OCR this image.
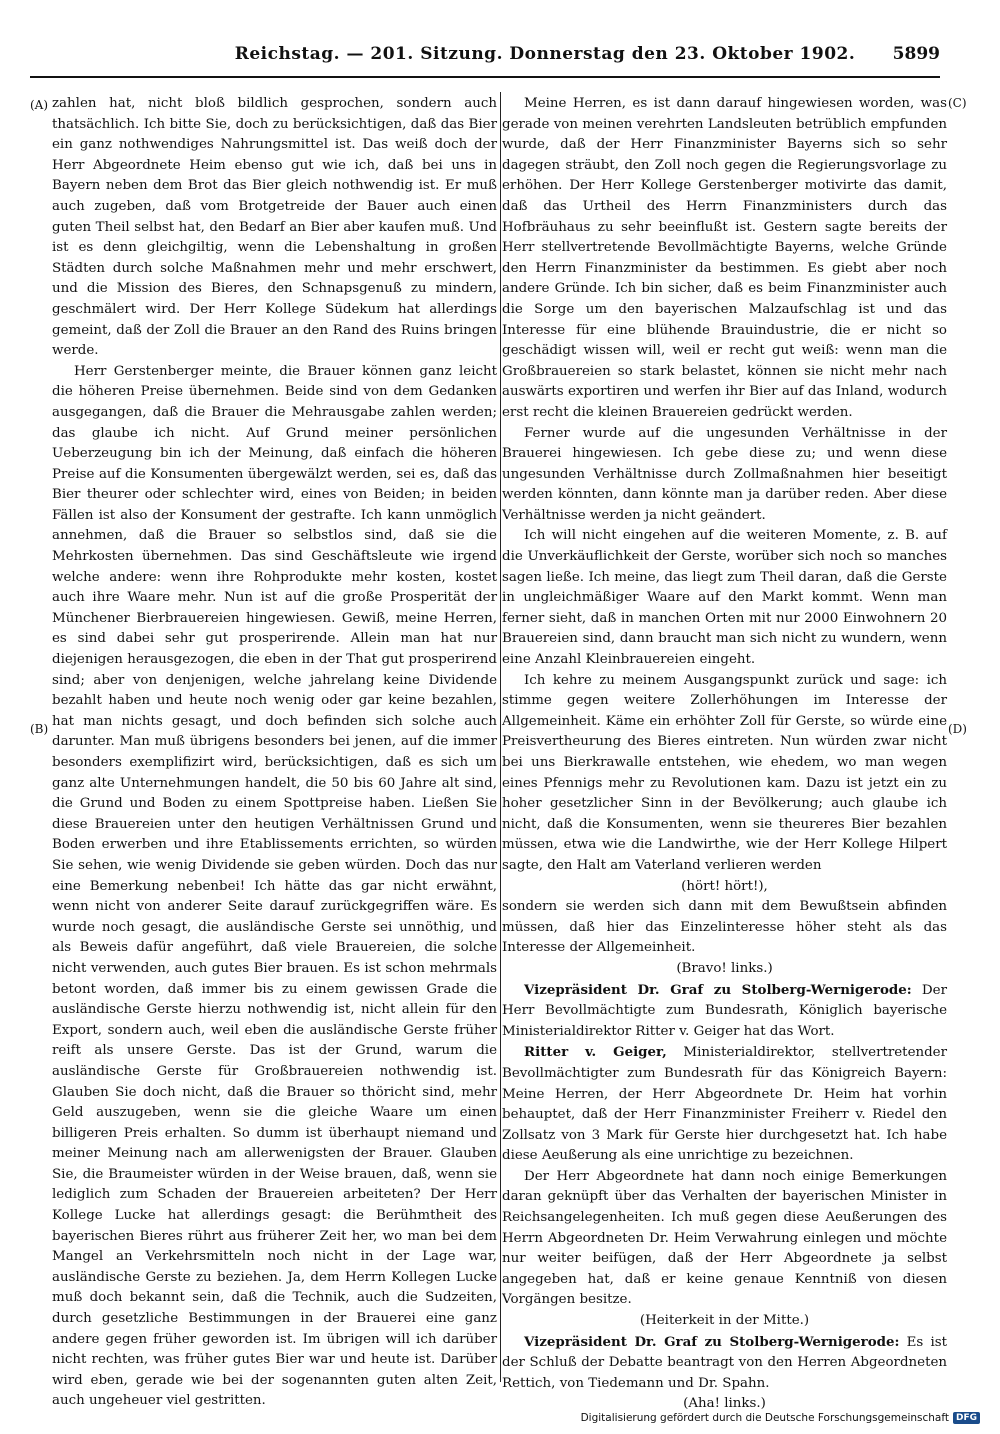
Reichstag. — 201. Sitzung. Donnerstag den 23. Oktober 1902.	5899
(A)
(B)
(C)
(D)

zahlen hat, nicht bloß bildlich gesprochen, sondern auch thatsächlich. Ich bitte Sie, doch zu berücksichtigen, daß das Bier ein ganz nothwendiges Nahrungsmittel ist. Das weiß doch der Herr Abgeordnete Heim ebenso gut wie ich, daß bei uns in Bayern neben dem Brot das Bier gleich nothwendig ist. Er muß auch zugeben, daß vom Brotgetreide der Bauer auch einen guten Theil selbst hat, den Bedarf an Bier aber kaufen muß. Und ist es denn gleichgiltig, wenn die Lebenshaltung in großen Städten durch solche Maßnahmen mehr und mehr erschwert, und die Mission des Bieres, den Schnapsgenuß zu mindern, geschmälert wird. Der Herr Kollege Südekum hat allerdings gemeint, daß der Zoll die Brauer an den Rand des Ruins bringen werde.

Herr Gerstenberger meinte, die Brauer können ganz leicht die höheren Preise übernehmen. Beide sind von dem Gedanken ausgegangen, daß die Brauer die Mehrausgabe zahlen werden; das glaube ich nicht. Auf Grund meiner persönlichen Ueberzeugung bin ich der Meinung, daß einfach die höheren Preise auf die Konsumenten übergewälzt werden, sei es, daß das Bier theurer oder schlechter wird, eines von Beiden; in beiden Fällen ist also der Konsument der gestrafte. Ich kann unmöglich annehmen, daß die Brauer so selbstlos sind, daß sie die Mehrkosten übernehmen. Das sind Geschäftsleute wie irgend welche andere: wenn ihre Rohprodukte mehr kosten, kostet auch ihre Waare mehr. Nun ist auf die große Prosperität der Münchener Bierbrauereien hingewiesen. Gewiß, meine Herren, es sind dabei sehr gut prosperirende. Allein man hat nur diejenigen herausgezogen, die eben in der That gut prosperirend sind; aber von denjenigen, welche jahrelang keine Dividende bezahlt haben und heute noch wenig oder gar keine bezahlen, hat man nichts gesagt, und doch befinden sich solche auch darunter. Man muß übrigens besonders bei jenen, auf die immer besonders exemplifizirt wird, berücksichtigen, daß es sich um ganz alte Unternehmungen handelt, die 50 bis 60 Jahre alt sind, die Grund und Boden zu einem Spottpreise haben. Ließen Sie diese Brauereien unter den heutigen Verhältnissen Grund und Boden erwerben und ihre Etablissements errichten, so würden Sie sehen, wie wenig Dividende sie geben würden. Doch das nur eine Bemerkung nebenbei! Ich hätte das gar nicht erwähnt, wenn nicht von anderer Seite darauf zurückgegriffen wäre. Es wurde noch gesagt, die ausländische Gerste sei unnöthig, und als Beweis dafür angeführt, daß viele Brauereien, die solche nicht verwenden, auch gutes Bier brauen. Es ist schon mehrmals betont worden, daß immer bis zu einem gewissen Grade die ausländische Gerste hierzu nothwendig ist, nicht allein für den Export, sondern auch, weil eben die ausländische Gerste früher reift als unsere Gerste. Das ist der Grund, warum die ausländische Gerste für Großbrauereien nothwendig ist. Glauben Sie doch nicht, daß die Brauer so thöricht sind, mehr Geld auszugeben, wenn sie die gleiche Waare um einen billigeren Preis erhalten. So dumm ist überhaupt niemand und meiner Meinung nach am allerwenigsten der Brauer. Glauben Sie, die Braumeister würden in der Weise brauen, daß, wenn sie lediglich zum Schaden der Brauereien arbeiteten? Der Herr Kollege Lucke hat allerdings gesagt: die Berühmtheit des bayerischen Bieres rührt aus früherer Zeit her, wo man bei dem Mangel an Verkehrsmitteln noch nicht in der Lage war, ausländische Gerste zu beziehen. Ja, dem Herrn Kollegen Lucke muß doch bekannt sein, daß die Technik, auch die Sudzeiten, durch gesetzliche Bestimmungen in der Brauerei eine ganz andere gegen früher geworden ist. Im übrigen will ich darüber nicht rechten, was früher gutes Bier war und heute ist. Darüber wird eben, gerade wie bei der sogenannten guten alten Zeit, auch ungeheuer viel gestritten.

Meine Herren, es ist dann darauf hingewiesen worden, was gerade von meinen verehrten Landsleuten betrüblich empfunden wurde, daß der Herr Finanzminister Bayerns sich so sehr dagegen sträubt, den Zoll noch gegen die Regierungsvorlage zu erhöhen. Der Herr Kollege Gerstenberger motivirte das damit, daß das Urtheil des Herrn Finanzministers durch das Hofbräuhaus zu sehr beeinflußt ist. Gestern sagte bereits der Herr stellvertretende Bevollmächtigte Bayerns, welche Gründe den Herrn Finanzminister da bestimmen. Es giebt aber noch andere Gründe. Ich bin sicher, daß es beim Finanzminister auch die Sorge um den bayerischen Malzaufschlag ist und das Interesse für eine blühende Brauindustrie, die er nicht so geschädigt wissen will, weil er recht gut weiß: wenn man die Großbrauereien so stark belastet, können sie nicht mehr nach auswärts exportiren und werfen ihr Bier auf das Inland, wodurch erst recht die kleinen Brauereien gedrückt werden.

Ferner wurde auf die ungesunden Verhältnisse in der Brauerei hingewiesen. Ich gebe diese zu; und wenn diese ungesunden Verhältnisse durch Zollmaßnahmen hier beseitigt werden könnten, dann könnte man ja darüber reden. Aber diese Verhältnisse werden ja nicht geändert.

Ich will nicht eingehen auf die weiteren Momente, z. B. auf die Unverkäuflichkeit der Gerste, worüber sich noch so manches sagen ließe. Ich meine, das liegt zum Theil daran, daß die Gerste in ungleichmäßiger Waare auf den Markt kommt. Wenn man ferner sieht, daß in manchen Orten mit nur 2000 Einwohnern 20 Brauereien sind, dann braucht man sich nicht zu wundern, wenn eine Anzahl Kleinbrauereien eingeht.

Ich kehre zu meinem Ausgangspunkt zurück und sage: ich stimme gegen weitere Zollerhöhungen im Interesse der Allgemeinheit. Käme ein erhöhter Zoll für Gerste, so würde eine Preisvertheurung des Bieres eintreten. Nun würden zwar nicht bei uns Bierkrawalle entstehen, wie ehedem, wo man wegen eines Pfennigs mehr zu Revolutionen kam. Dazu ist jetzt ein zu hoher gesetzlicher Sinn in der Bevölkerung; auch glaube ich nicht, daß die Konsumenten, wenn sie theureres Bier bezahlen müssen, etwa wie die Landwirthe, wie der Herr Kollege Hilpert sagte, den Halt am Vaterland verlieren werden

(hört! hört!),

sondern sie werden sich dann mit dem Bewußtsein abfinden müssen, daß hier das Einzelinteresse höher steht als das Interesse der Allgemeinheit.

(Bravo! links.)

Vizepräsident Dr. Graf zu Stolberg-Wernigerode: Der Herr Bevollmächtigte zum Bundesrath, Königlich bayerische Ministerialdirektor Ritter v. Geiger hat das Wort.

Ritter v. Geiger, Ministerialdirektor, stellvertretender Bevollmächtigter zum Bundesrath für das Königreich Bayern: Meine Herren, der Herr Abgeordnete Dr. Heim hat vorhin behauptet, daß der Herr Finanzminister Freiherr v. Riedel den Zollsatz von 3 Mark für Gerste hier durchgesetzt hat. Ich habe diese Aeußerung als eine unrichtige zu bezeichnen.

Der Herr Abgeordnete hat dann noch einige Bemerkungen daran geknüpft über das Verhalten der bayerischen Minister in Reichsangelegenheiten. Ich muß gegen diese Aeußerungen des Herrn Abgeordneten Dr. Heim Verwahrung einlegen und möchte nur weiter beifügen, daß der Herr Abgeordnete ja selbst angegeben hat, daß er keine genaue Kenntniß von diesen Vorgängen besitze.

(Heiterkeit in der Mitte.)

Vizepräsident Dr. Graf zu Stolberg-Wernigerode: Es ist der Schluß der Debatte beantragt von den Herren Abgeordneten Rettich, von Tiedemann und Dr. Spahn.

(Aha! links.)

Digitalisierung gefördert durch die Deutsche Forschungsgemeinschaft DFG
